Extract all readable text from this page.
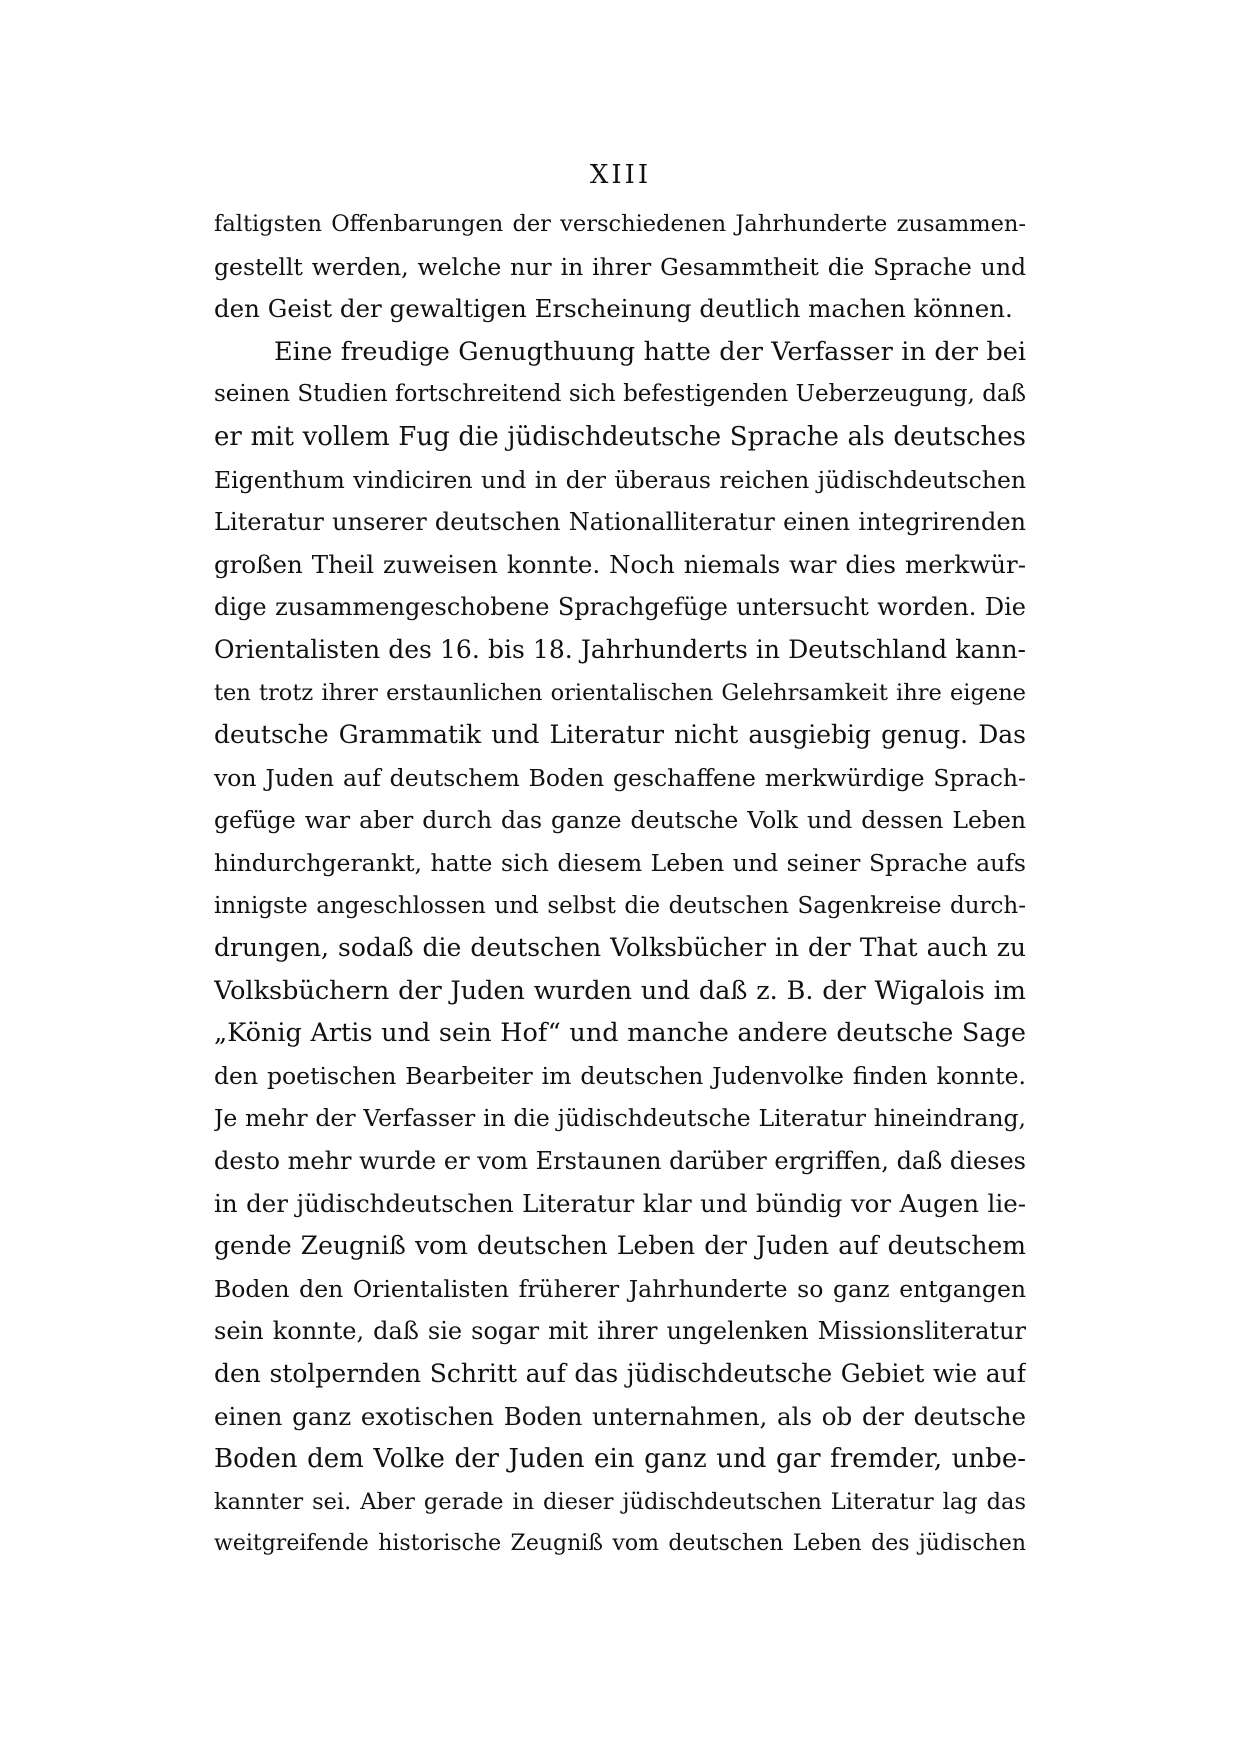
XIII
faltigsten Offenbarungen der verschiedenen Jahrhunderte zusammen-
gestellt werden, welche nur in ihrer Gesammtheit die Sprache und
den Geist der gewaltigen Erscheinung deutlich machen können.
Eine freudige Genugthuung hatte der Verfasser in der bei
seinen Studien fortschreitend sich befestigenden Ueberzeugung, daß
er mit vollem Fug die jüdischdeutsche Sprache als deutsches
Eigenthum vindiciren und in der überaus reichen jüdischdeutschen
Literatur unserer deutschen Nationalliteratur einen integrirenden
großen Theil zuweisen konnte. Noch niemals war dies merkwür-
dige zusammengeschobene Sprachgefüge untersucht worden. Die
Orientalisten des 16. bis 18. Jahrhunderts in Deutschland kann-
ten trotz ihrer erstaunlichen orientalischen Gelehrsamkeit ihre eigene
deutsche Grammatik und Literatur nicht ausgiebig genug. Das
von Juden auf deutschem Boden geschaffene merkwürdige Sprach-
gefüge war aber durch das ganze deutsche Volk und dessen Leben
hindurchgerankt, hatte sich diesem Leben und seiner Sprache aufs
innigste angeschlossen und selbst die deutschen Sagenkreise durch-
drungen, sodaß die deutschen Volksbücher in der That auch zu
Volksbüchern der Juden wurden und daß z. B. der Wigalois im
„König Artis und sein Hof“ und manche andere deutsche Sage
den poetischen Bearbeiter im deutschen Judenvolke finden konnte.
Je mehr der Verfasser in die jüdischdeutsche Literatur hineindrang,
desto mehr wurde er vom Erstaunen darüber ergriffen, daß dieses
in der jüdischdeutschen Literatur klar und bündig vor Augen lie-
gende Zeugniß vom deutschen Leben der Juden auf deutschem
Boden den Orientalisten früherer Jahrhunderte so ganz entgangen
sein konnte, daß sie sogar mit ihrer ungelenken Missionsliteratur
den stolpernden Schritt auf das jüdischdeutsche Gebiet wie auf
einen ganz exotischen Boden unternahmen, als ob der deutsche
Boden dem Volke der Juden ein ganz und gar fremder, unbe-
kannter sei. Aber gerade in dieser jüdischdeutschen Literatur lag das
weitgreifende historische Zeugniß vom deutschen Leben des jüdischen
